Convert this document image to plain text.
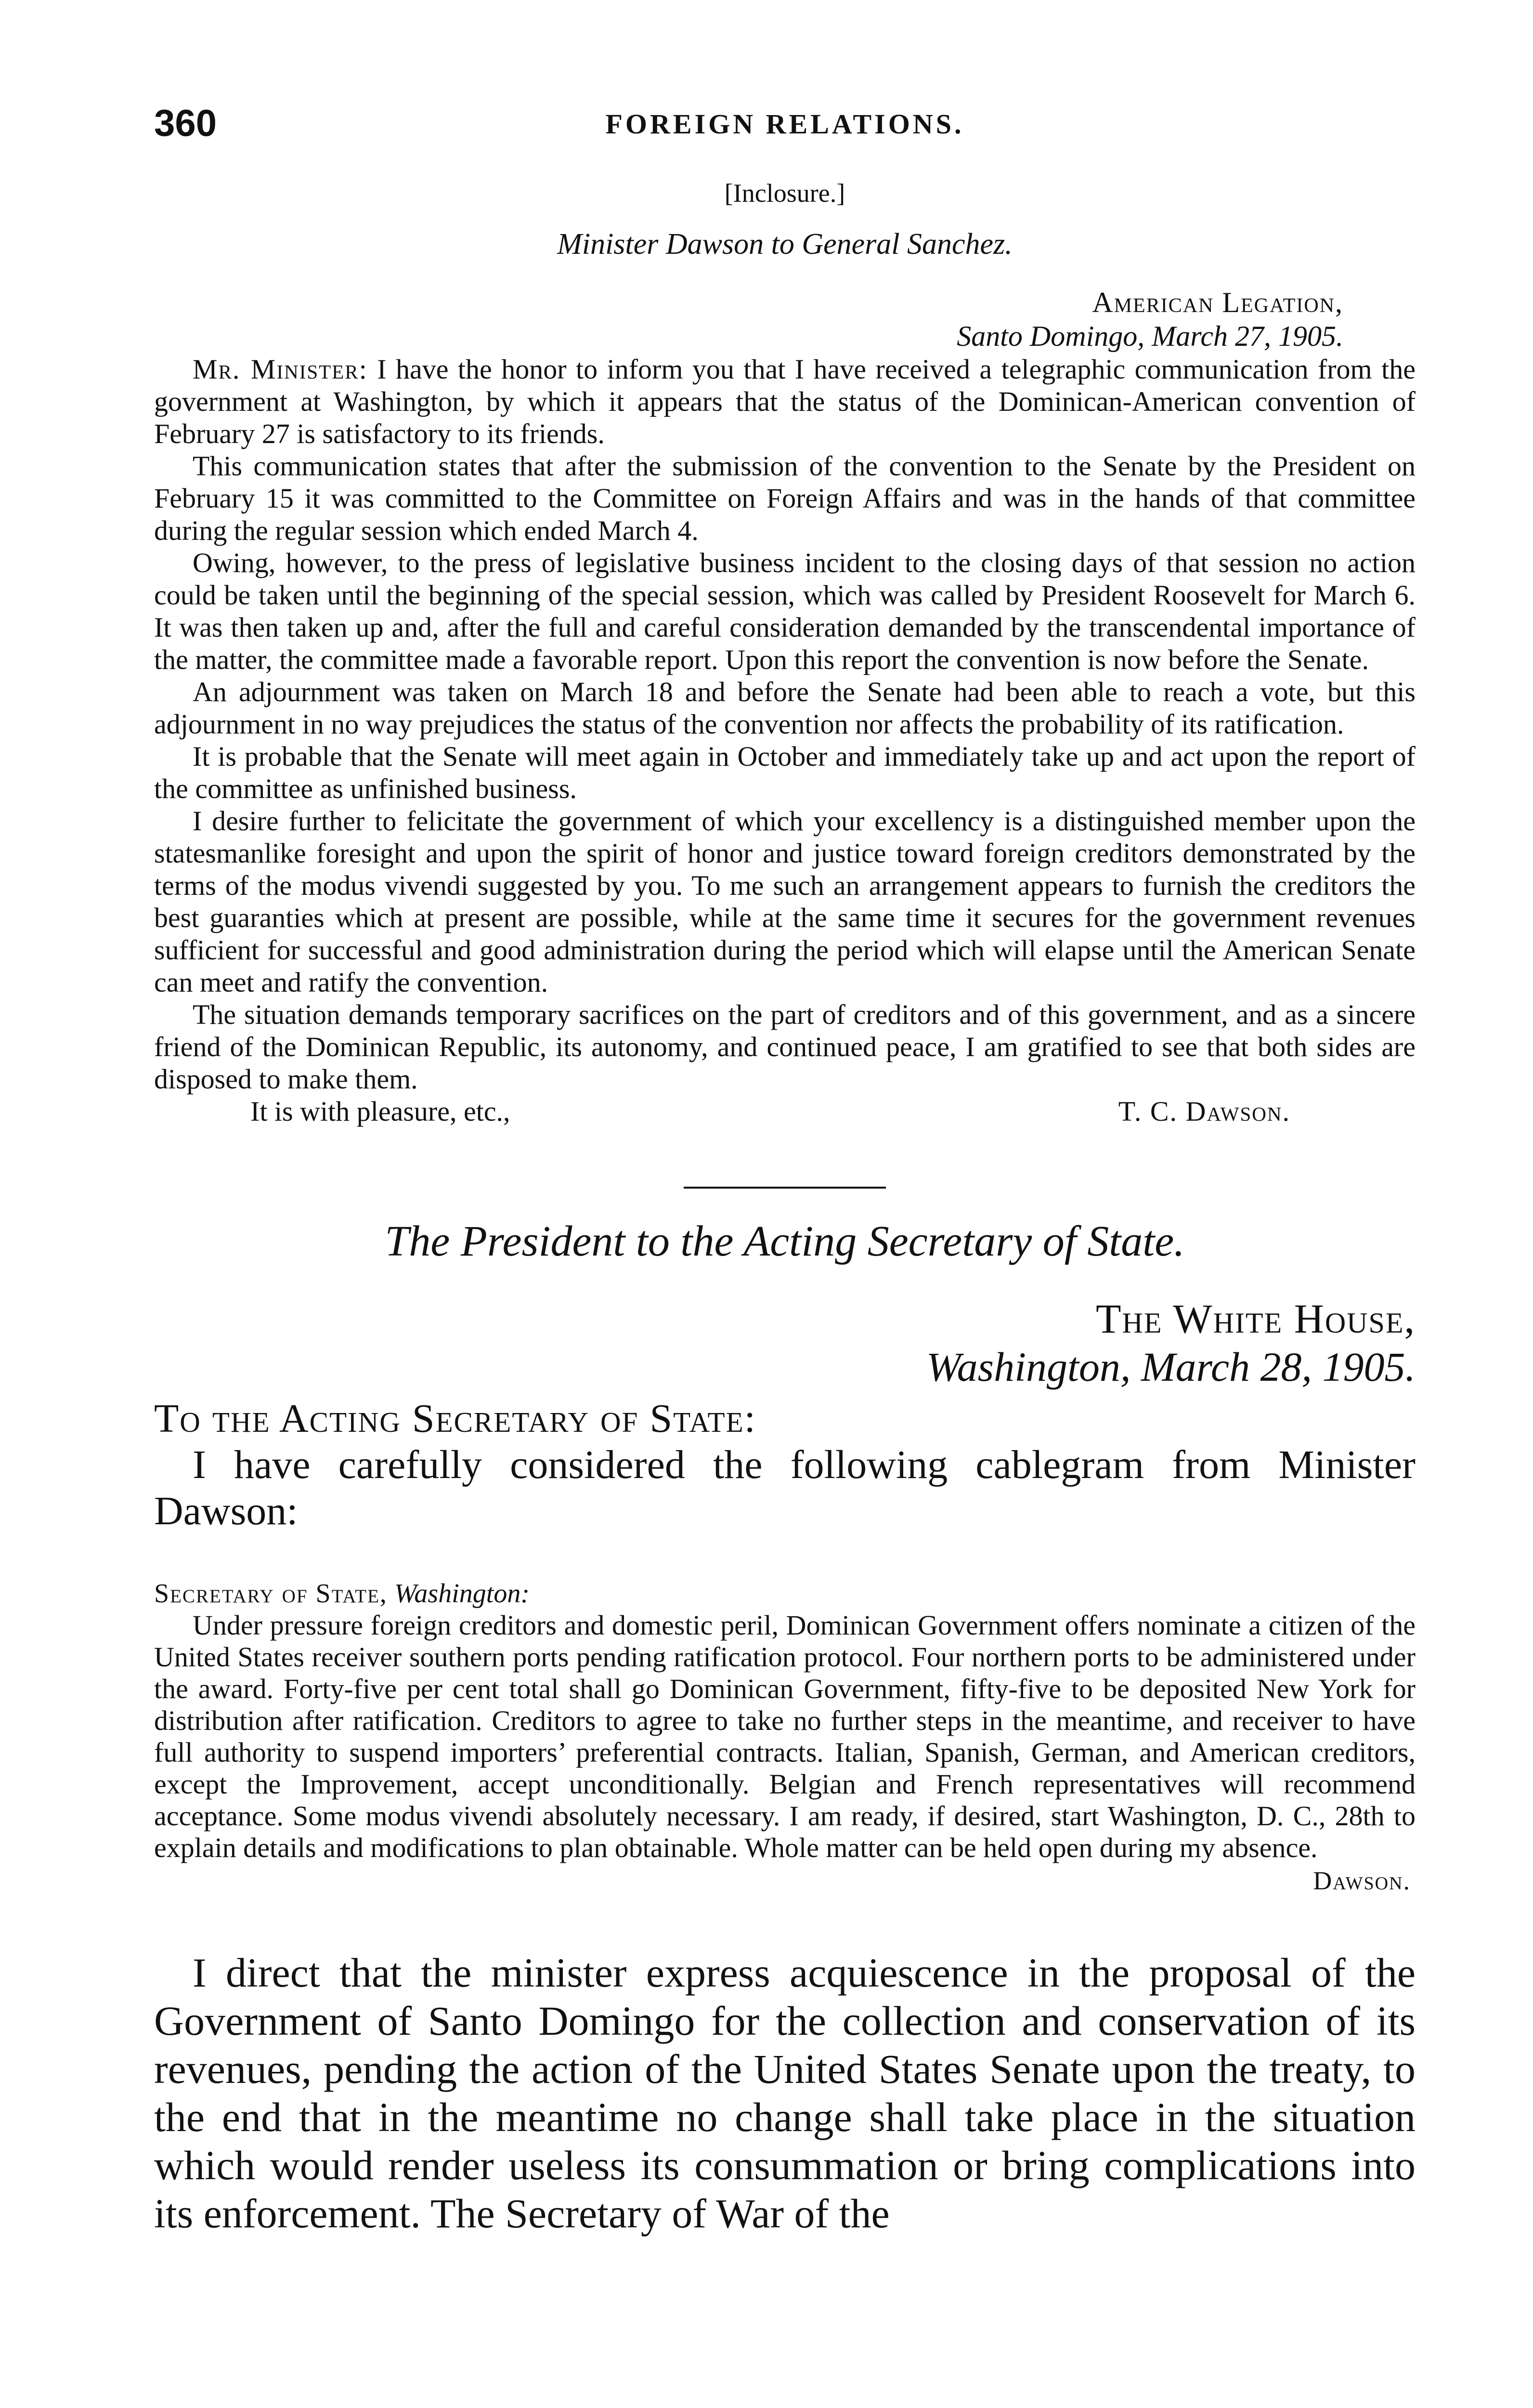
360	FOREIGN RELATIONS.
[Inclosure.]
Minister Dawson to General Sanchez.
American Legation,
Santo Domingo, March 27, 1905.

Mr. Minister: I have the honor to inform you that I have received a telegraphic communication from the government at Washington, by which it appears that the status of the Dominican-American convention of February 27 is satisfactory to its friends.

This communication states that after the submission of the convention to the Senate by the President on February 15 it was committed to the Committee on Foreign Affairs and was in the hands of that committee during the regular session which ended March 4.

Owing, however, to the press of legislative business incident to the closing days of that session no action could be taken until the beginning of the special session, which was called by President Roosevelt for March 6. It was then taken up and, after the full and careful consideration demanded by the transcendental importance of the matter, the committee made a favorable report. Upon this report the convention is now before the Senate.

An adjournment was taken on March 18 and before the Senate had been able to reach a vote, but this adjournment in no way prejudices the status of the convention nor affects the probability of its ratification.

It is probable that the Senate will meet again in October and immediately take up and act upon the report of the committee as unfinished business.

I desire further to felicitate the government of which your excellency is a distinguished member upon the statesmanlike foresight and upon the spirit of honor and justice toward foreign creditors demonstrated by the terms of the modus vivendi suggested by you. To me such an arrangement appears to furnish the creditors the best guaranties which at present are possible, while at the same time it secures for the government revenues sufficient for successful and good administration during the period which will elapse until the American Senate can meet and ratify the convention.

The situation demands temporary sacrifices on the part of creditors and of this government, and as a sincere friend of the Dominican Republic, its autonomy, and continued peace, I am gratified to see that both sides are disposed to make them.

It is with pleasure, etc.,	T. C. Dawson.
The President to the Acting Secretary of State.
The White House,
Washington, March 28, 1905.
To the Acting Secretary of State:

I have carefully considered the following cablegram from Minister Dawson:

Secretary of State, Washington:

Under pressure foreign creditors and domestic peril, Dominican Government offers nominate a citizen of the United States receiver southern ports pending ratification protocol. Four northern ports to be administered under the award. Forty-five per cent total shall go Dominican Government, fifty-five to be deposited New York for distribution after ratification. Creditors to agree to take no further steps in the meantime, and receiver to have full authority to suspend importers’ preferential contracts. Italian, Spanish, German, and American creditors, except the Improvement, accept unconditionally. Belgian and French representatives will recommend acceptance. Some modus vivendi absolutely necessary. I am ready, if desired, start Washington, D. C., 28th to explain details and modifications to plan obtainable. Whole matter can be held open during my absence.

Dawson.

I direct that the minister express acquiescence in the proposal of the Government of Santo Domingo for the collection and conservation of its revenues, pending the action of the United States Senate upon the treaty, to the end that in the meantime no change shall take place in the situation which would render useless its consummation or bring complications into its enforcement. The Secretary of War of the
